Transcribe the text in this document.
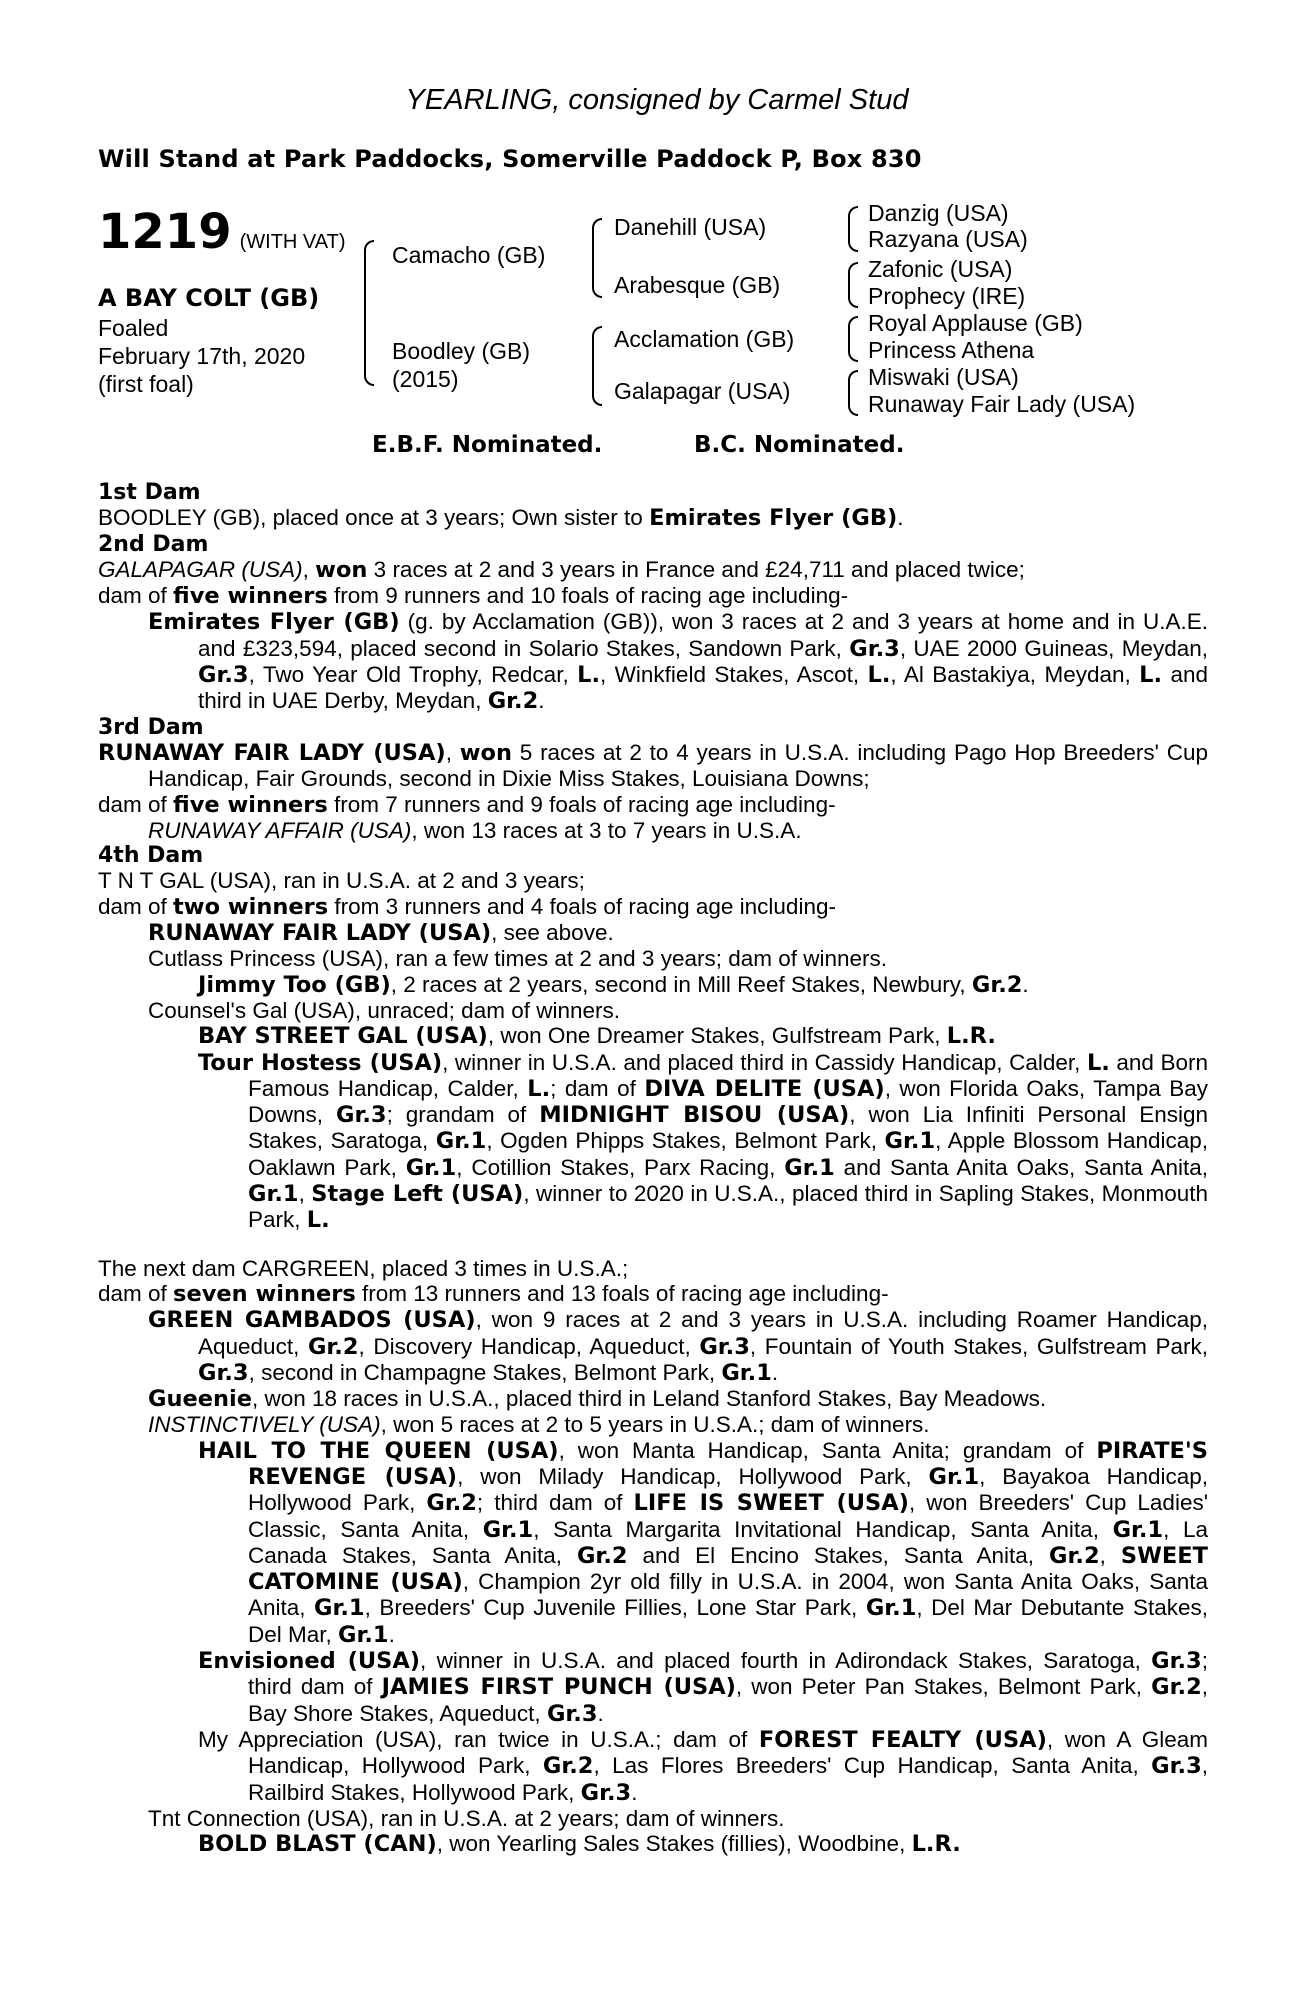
YEARLING, consigned by Carmel Stud
Will Stand at Park Paddocks, Somerville Paddock P, Box 830
1219 (WITH VAT)
A BAY COLT (GB)
Foaled
February 17th, 2020
(first foal)
Camacho (GB)
Boodley (GB)
(2015)
Danehill (USA)
Arabesque (GB)
Acclamation (GB)
Galapagar (USA)
Danzig (USA)
Razyana (USA)
Zafonic (USA)
Prophecy (IRE)
Royal Applause (GB)
Princess Athena
Miswaki (USA)
Runaway Fair Lady (USA)
E.B.F. Nominated.	B.C. Nominated.

1st Dam

BOODLEY (GB), placed once at 3 years; Own sister to Emirates Flyer (GB).

2nd Dam

GALAPAGAR (USA), won 3 races at 2 and 3 years in France and £24,711 and placed twice;

dam of five winners from 9 runners and 10 foals of racing age including-

Emirates Flyer (GB) (g. by Acclamation (GB)), won 3 races at 2 and 3 years at home and in U.A.E. and £323,594, placed second in Solario Stakes, Sandown Park, Gr.3, UAE 2000 Guineas, Meydan, Gr.3, Two Year Old Trophy, Redcar, L., Winkfield Stakes, Ascot, L., Al Bastakiya, Meydan, L. and third in UAE Derby, Meydan, Gr.2.

3rd Dam

RUNAWAY FAIR LADY (USA), won 5 races at 2 to 4 years in U.S.A. including Pago Hop Breeders' Cup Handicap, Fair Grounds, second in Dixie Miss Stakes, Louisiana Downs;

dam of five winners from 7 runners and 9 foals of racing age including-

RUNAWAY AFFAIR (USA), won 13 races at 3 to 7 years in U.S.A.

4th Dam

T N T GAL (USA), ran in U.S.A. at 2 and 3 years;

dam of two winners from 3 runners and 4 foals of racing age including-

RUNAWAY FAIR LADY (USA), see above.

Cutlass Princess (USA), ran a few times at 2 and 3 years; dam of winners.

Jimmy Too (GB), 2 races at 2 years, second in Mill Reef Stakes, Newbury, Gr.2.

Counsel's Gal (USA), unraced; dam of winners.

BAY STREET GAL (USA), won One Dreamer Stakes, Gulfstream Park, L.R.

Tour Hostess (USA), winner in U.S.A. and placed third in Cassidy Handicap, Calder, L. and Born Famous Handicap, Calder, L.; dam of DIVA DELITE (USA), won Florida Oaks, Tampa Bay Downs, Gr.3; grandam of MIDNIGHT BISOU (USA), won Lia Infiniti Personal Ensign Stakes, Saratoga, Gr.1, Ogden Phipps Stakes, Belmont Park, Gr.1, Apple Blossom Handicap, Oaklawn Park, Gr.1, Cotillion Stakes, Parx Racing, Gr.1 and Santa Anita Oaks, Santa Anita, Gr.1, Stage Left (USA), winner to 2020 in U.S.A., placed third in Sapling Stakes, Monmouth Park, L.

The next dam CARGREEN, placed 3 times in U.S.A.;

dam of seven winners from 13 runners and 13 foals of racing age including-

GREEN GAMBADOS (USA), won 9 races at 2 and 3 years in U.S.A. including Roamer Handicap, Aqueduct, Gr.2, Discovery Handicap, Aqueduct, Gr.3, Fountain of Youth Stakes, Gulfstream Park, Gr.3, second in Champagne Stakes, Belmont Park, Gr.1.

Gueenie, won 18 races in U.S.A., placed third in Leland Stanford Stakes, Bay Meadows.

INSTINCTIVELY (USA), won 5 races at 2 to 5 years in U.S.A.; dam of winners.

HAIL TO THE QUEEN (USA), won Manta Handicap, Santa Anita; grandam of PIRATE'S REVENGE (USA), won Milady Handicap, Hollywood Park, Gr.1, Bayakoa Handicap, Hollywood Park, Gr.2; third dam of LIFE IS SWEET (USA), won Breeders' Cup Ladies' Classic, Santa Anita, Gr.1, Santa Margarita Invitational Handicap, Santa Anita, Gr.1, La Canada Stakes, Santa Anita, Gr.2 and El Encino Stakes, Santa Anita, Gr.2, SWEET CATOMINE (USA), Champion 2yr old filly in U.S.A. in 2004, won Santa Anita Oaks, Santa Anita, Gr.1, Breeders' Cup Juvenile Fillies, Lone Star Park, Gr.1, Del Mar Debutante Stakes, Del Mar, Gr.1.

Envisioned (USA), winner in U.S.A. and placed fourth in Adirondack Stakes, Saratoga, Gr.3; third dam of JAMIES FIRST PUNCH (USA), won Peter Pan Stakes, Belmont Park, Gr.2, Bay Shore Stakes, Aqueduct, Gr.3.

My Appreciation (USA), ran twice in U.S.A.; dam of FOREST FEALTY (USA), won A Gleam Handicap, Hollywood Park, Gr.2, Las Flores Breeders' Cup Handicap, Santa Anita, Gr.3, Railbird Stakes, Hollywood Park, Gr.3.

Tnt Connection (USA), ran in U.S.A. at 2 years; dam of winners.

BOLD BLAST (CAN), won Yearling Sales Stakes (fillies), Woodbine, L.R.
